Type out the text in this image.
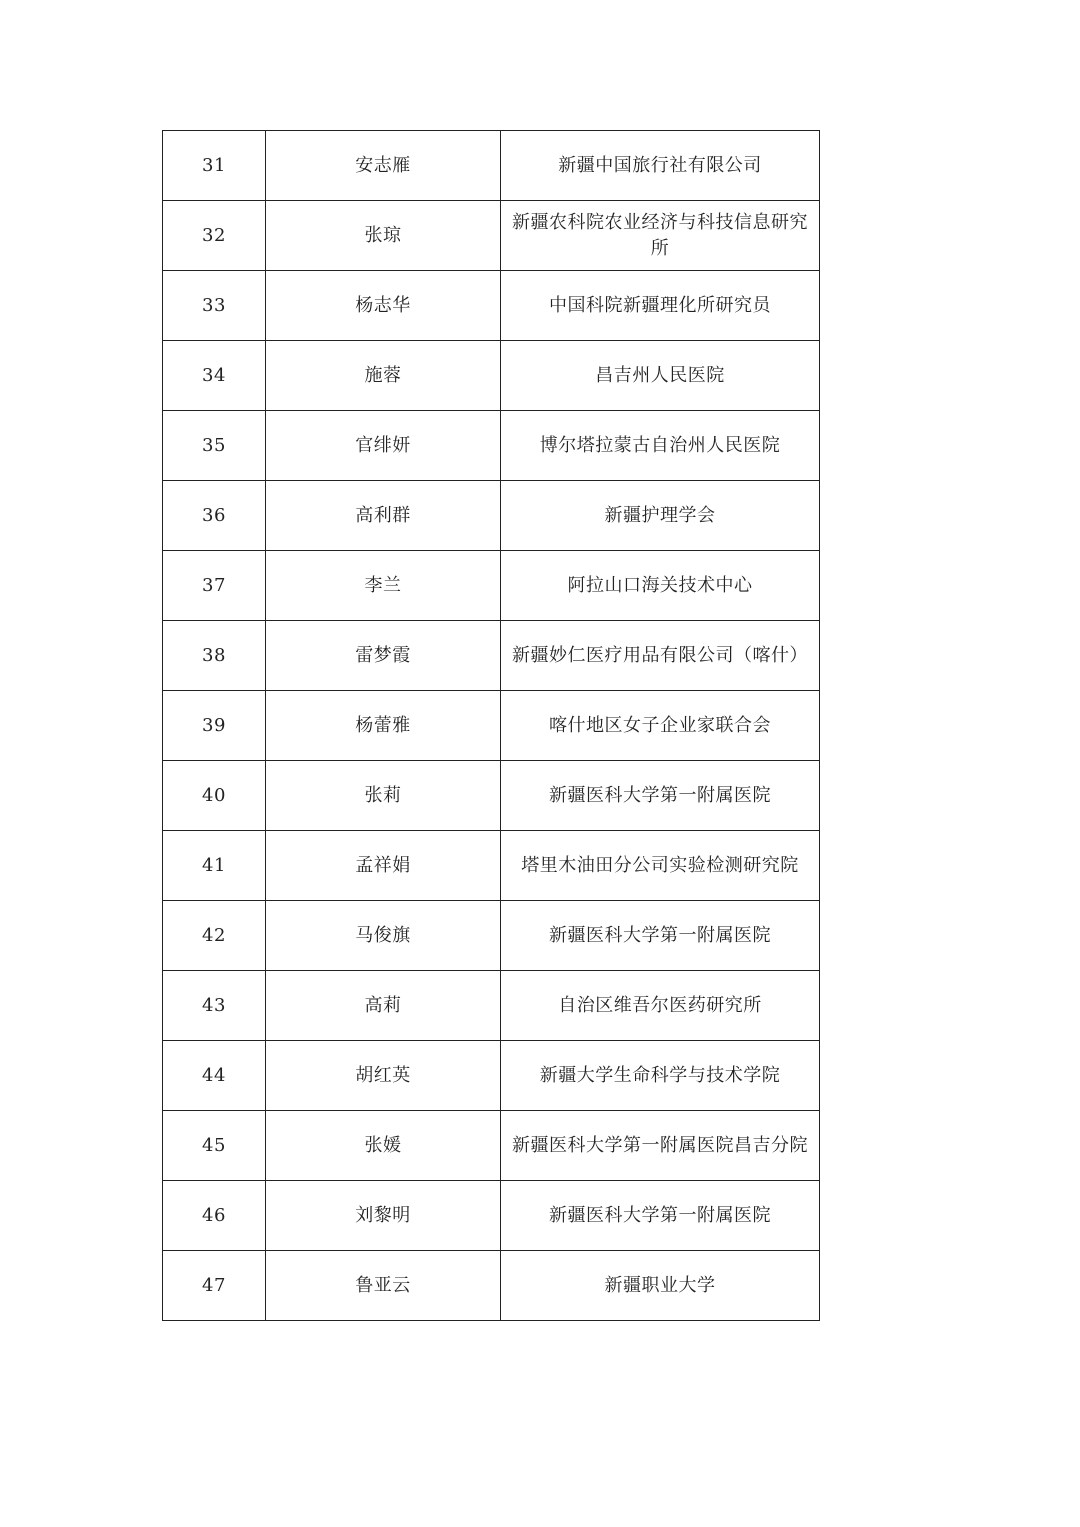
31	安志雁	新疆中国旅行社有限公司
32	张琼	新疆农科院农业经济与科技信息研究所
33	杨志华	中国科院新疆理化所研究员
34	施蓉	昌吉州人民医院
35	官绯妍	博尔塔拉蒙古自治州人民医院
36	高利群	新疆护理学会
37	李兰	阿拉山口海关技术中心
38	雷梦霞	新疆妙仁医疗用品有限公司（喀什）
39	杨蕾雅	喀什地区女子企业家联合会
40	张莉	新疆医科大学第一附属医院
41	孟祥娟	塔里木油田分公司实验检测研究院
42	马俊旗	新疆医科大学第一附属医院
43	高莉	自治区维吾尔医药研究所
44	胡红英	新疆大学生命科学与技术学院
45	张媛	新疆医科大学第一附属医院昌吉分院
46	刘黎明	新疆医科大学第一附属医院
47	鲁亚云	新疆职业大学
